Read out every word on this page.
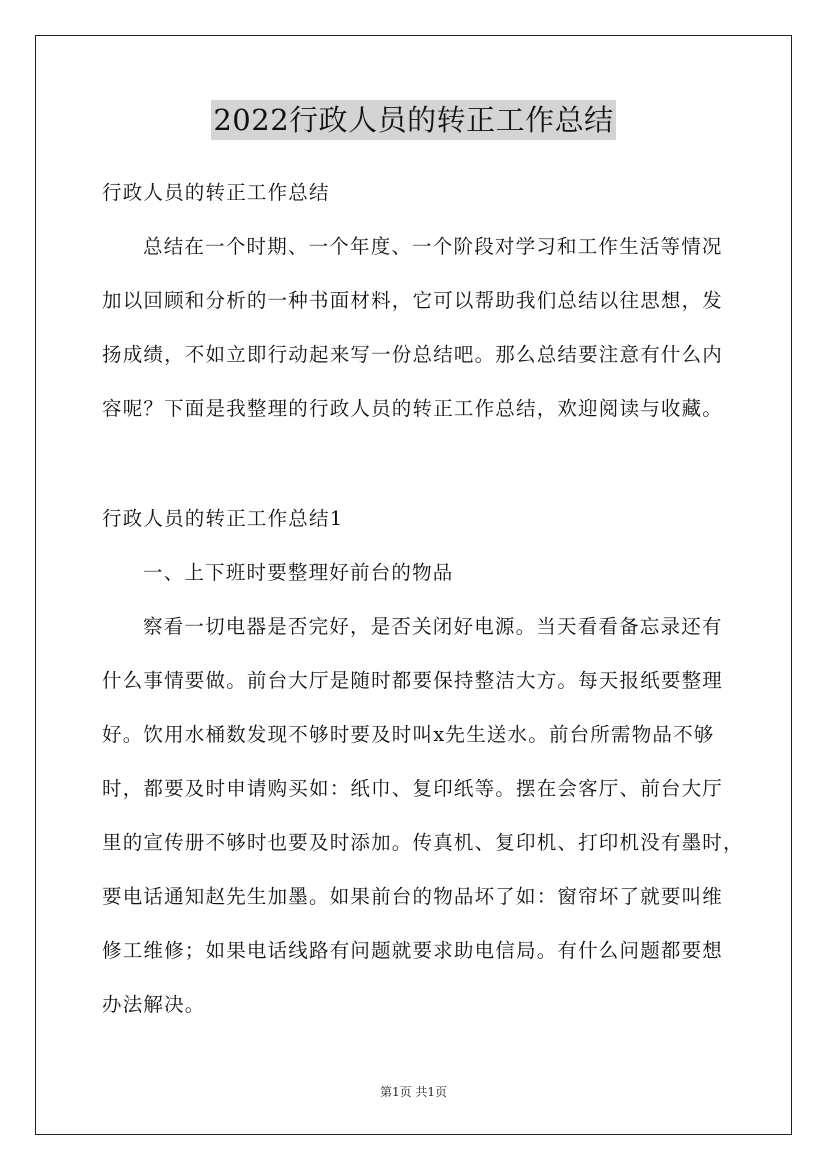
2022行政人员的转正工作总结
行政人员的转正工作总结
总结在一个时期、一个年度、一个阶段对学习和工作生活等情况
加以回顾和分析的一种书面材料，它可以帮助我们总结以往思想，发
扬成绩，不如立即行动起来写一份总结吧。那么总结要注意有什么内
容呢？下面是我整理的行政人员的转正工作总结，欢迎阅读与收藏。
行政人员的转正工作总结1
一、上下班时要整理好前台的物品
察看一切电器是否完好，是否关闭好电源。当天看看备忘录还有
什么事情要做。前台大厅是随时都要保持整洁大方。每天报纸要整理
好。饮用水桶数发现不够时要及时叫x先生送水。前台所需物品不够
时，都要及时申请购买如：纸巾、复印纸等。摆在会客厅、前台大厅
里的宣传册不够时也要及时添加。传真机、复印机、打印机没有墨时，
要电话通知赵先生加墨。如果前台的物品坏了如：窗帘坏了就要叫维
修工维修；如果电话线路有问题就要求助电信局。有什么问题都要想
办法解决。
第1页 共1页
